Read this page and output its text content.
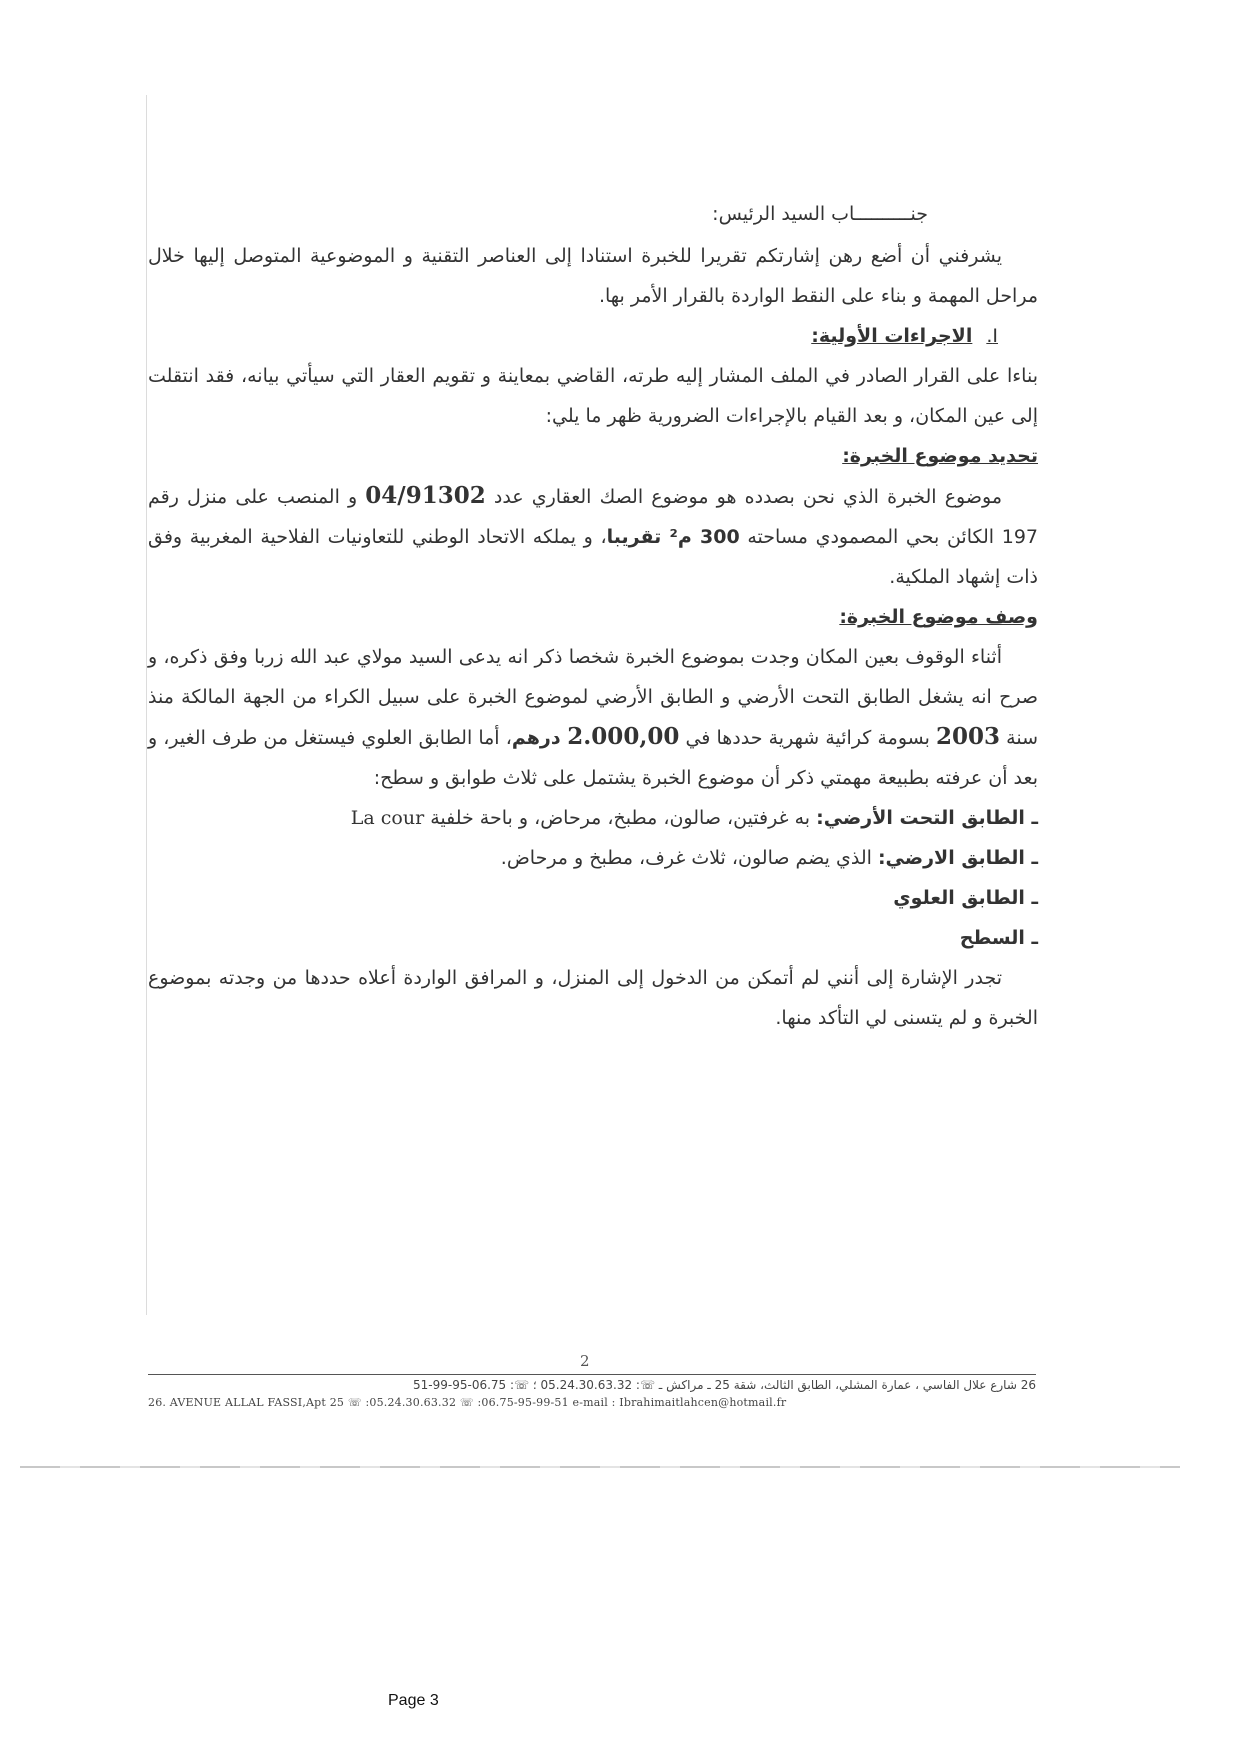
جنــــــــــاب السيد الرئيس:

يشرفني أن أضع رهن إشارتكم تقريرا للخبرة استنادا إلى العناصر التقنية و الموضوعية المتوصل إليها خلال مراحل المهمة و بناء على النقط الواردة بالقرار الأمر بها.

I.الاجراءات الأولية:

بناءا على القرار الصادر في الملف المشار إليه طرته، القاضي بمعاينة و تقويم العقار التي سيأتي بيانه، فقد انتقلت إلى عين المكان، و بعد القيام بالإجراءات الضرورية ظهر ما يلي:

تحديد موضوع الخبرة:

موضوع الخبرة الذي نحن بصدده هو موضوع الصك العقاري عدد 04/91302 و المنصب على منزل رقم 197 الكائن بحي المصمودي مساحته 300 م² تقريبا، و يملكه الاتحاد الوطني للتعاونيات الفلاحية المغربية وفق ذات إشهاد الملكية.

وصف موضوع الخبرة:

أثناء الوقوف بعين المكان وجدت بموضوع الخبرة شخصا ذكر انه يدعى السيد مولاي عبد الله زربا وفق ذكره، و صرح انه يشغل الطابق التحت الأرضي و الطابق الأرضي لموضوع الخبرة على سبيل الكراء من الجهة المالكة منذ سنة 2003 بسومة كرائية شهرية حددها في 2.000,00 درهم، أما الطابق العلوي فيستغل من طرف الغير، و بعد أن عرفته بطبيعة مهمتي ذكر أن موضوع الخبرة يشتمل على ثلاث طوابق و سطح:

ـ الطابق التحت الأرضي: به غرفتين، صالون، مطبخ، مرحاض، و باحة خلفية La cour

ـ الطابق الارضي: الذي يضم صالون، ثلاث غرف، مطبخ و مرحاض.

ـ الطابق العلوي

ـ السطح

تجدر الإشارة إلى أنني لم أتمكن من الدخول إلى المنزل، و المرافق الواردة أعلاه حددها من وجدته بموضوع الخبرة و لم يتسنى لي التأكد منها.

2
26 شارع علال الفاسي ، عمارة المشلي، الطابق الثالث، شقة 25 ـ مراكش ـ ☏: 05.24.30.63.32 ؛ ☏: 06.75-95-99-51
26. AVENUE ALLAL FASSI,Apt 25 ☏ :05.24.30.63.32 ☏ :06.75-95-99-51 e-mail : Ibrahimaitlahcen@hotmail.fr
Page 3
